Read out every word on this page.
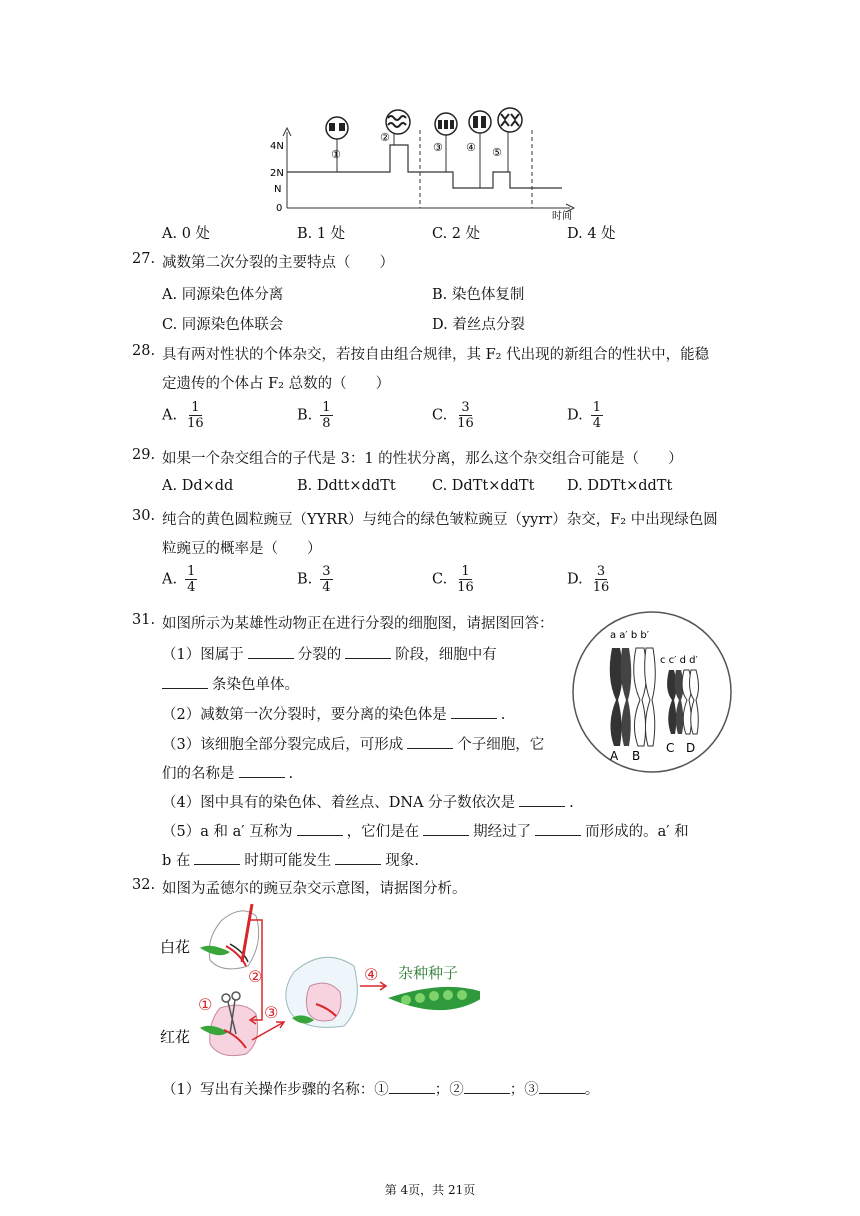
4N
2N
N
0
时间
①
②
③ ④ ⑤
A. 0 处	B. 1 处	C. 2 处	D. 4 处
27. 减数第二次分裂的主要特点（　　）
A. 同源染色体分离	B. 染色体复制
C. 同源染色体联会	D. 着丝点分裂
28. 具有两对性状的个体杂交，若按自由组合规律，其 F₂ 代出现的新组合的性状中，能稳
定遗传的个体占 F₂ 总数的（　　）
A. $\frac{1}{16}$	B. $\frac{1}{8}$	C. $\frac{3}{16}$	D. $\frac{1}{4}$
29. 如果一个杂交组合的子代是 3：1 的性状分离，那么这个杂交组合可能是（　　）
A. Dd×dd	B. Ddtt×ddTt	C. DdTt×ddTt D. DDTt×ddTt
30. 纯合的黄色圆粒豌豆（YYRR）与纯合的绿色皱粒豌豆（yyrr）杂交，F₂ 中出现绿色圆
粒豌豆的概率是（　　）
A. $\frac{1}{4}$	B. $\frac{3}{4}$	C. $\frac{1}{16}$	D. $\frac{3}{16}$
31. 如图所示为某雄性动物正在进行分裂的细胞图，请据图回答：
（1）图属于	分裂的	阶段，细胞中有
条染色单体。
（2）减数第一次分裂时，要分离的染色体是	.
（3）该细胞全部分裂完成后，可形成	个子细胞，它
们的名称是	.
（4）图中具有的染色体、着丝点、DNA 分子数依次是	.
（5）a 和 a′ 互称为	，它们是在	期经过了	而形成的。a′ 和
b 在	时期可能发生	现象.
a a′ b b′
c c′ d d′
A B
C D
32. 如图为孟德尔的豌豆杂交示意图，请据图分析。
白花
红花
②
①	③
④ 杂种种子
（1）写出有关操作步骤的名称：①	；②	；③	。
第 4页，共 21页
